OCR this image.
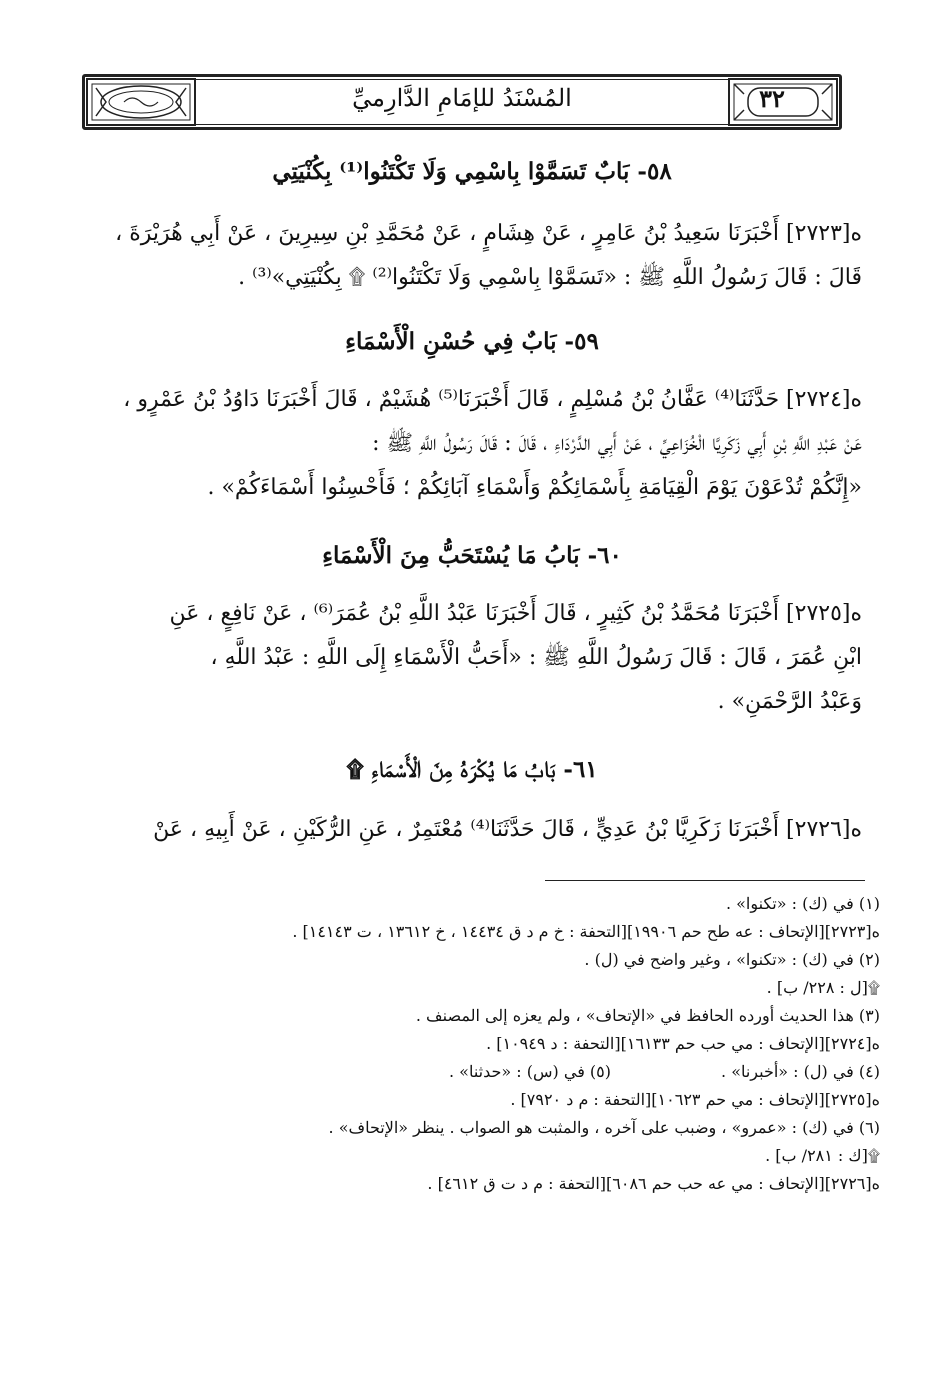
٣٢
المُسْنَدُ للإمَامِ الدَّارِميِّ

٥٨- بَابٌ تَسَمَّوْا بِاسْمِي وَلَا تَكْتَنُوا⁽¹⁾ بِكُنْيَتِي

ه[٢٧٢٣] أَخْبَرَنَا سَعِيدُ بْنُ عَامِرٍ ، عَنْ هِشَامٍ ، عَنْ مُحَمَّدِ بْنِ سِيرِينَ ، عَنْ أَبِي هُرَيْرَةَ ،

قَالَ : قَالَ رَسُولُ اللَّهِ ﷺ : «تَسَمَّوْا بِاسْمِي وَلَا تَكْتَنُوا⁽²⁾ ۩ بِكُنْيَتِي»⁽³⁾ .

٥٩- بَابٌ فِي حُسْنِ الْأَسْمَاءِ

ه[٢٧٢٤] حَدَّثَنَا⁽⁴⁾ عَفَّانُ بْنُ مُسْلِمٍ ، قَالَ أَخْبَرَنَا⁽⁵⁾ هُشَيْمٌ ، قَالَ أَخْبَرَنَا دَاوُدُ بْنُ عَمْرٍو ،

عَنْ عَبْدِ اللَّهِ بْنِ أَبِي زَكَرِيَّا الْخُزَاعِيِّ ، عَنْ أَبِي الدَّرْدَاءِ ، قَالَ : قَالَ رَسُولُ اللَّهِ ﷺ :

«إِنَّكُمْ تُدْعَوْنَ يَوْمَ الْقِيَامَةِ بِأَسْمَائِكُمْ وَأَسْمَاءِ آبَائِكُمْ ؛ فَأَحْسِنُوا أَسْمَاءَكُمْ» .

٦٠- بَابُ مَا يُسْتَحَبُّ مِنَ الْأَسْمَاءِ

ه[٢٧٢٥] أَخْبَرَنَا مُحَمَّدُ بْنُ كَثِيرٍ ، قَالَ أَخْبَرَنَا عَبْدُ اللَّهِ بْنُ عُمَرَ⁽⁶⁾ ، عَنْ نَافِعٍ ، عَنِ

ابْنِ عُمَرَ ، قَالَ : قَالَ رَسُولُ اللَّهِ ﷺ : «أَحَبُّ الْأَسْمَاءِ إِلَى اللَّهِ : عَبْدُ اللَّهِ ،

وَعَبْدُ الرَّحْمَنِ» .

٦١- بَابُ مَا يُكْرَهُ مِنَ الْأَسْمَاءِ ۩

ه[٢٧٢٦] أَخْبَرَنَا زَكَرِيَّا بْنُ عَدِيٍّ ، قَالَ حَدَّثَنَا⁽⁴⁾ مُعْتَمِرٌ ، عَنِ الرُّكَيْنِ ، عَنْ أَبِيهِ ، عَنْ

(١) في (ك) : «تكنوا» .

ه[٢٧٢٣][الإتحاف : عه طح حم ١٩٩٠٦][التحفة : خ م د ق ١٤٤٣٤ ، خ ١٣٦١٢ ، ت ١٤١٤٣] .

(٢) في (ك) : «تكنوا» ، وغير واضح في (ل) .

۩[ل : ٢٢٨/ ب] .

(٣) هذا الحديث أورده الحافظ في «الإتحاف» ، ولم يعزه إلى المصنف .

ه[٢٧٢٤][الإتحاف : مي حب حم ١٦١٣٣][التحفة : د ١٠٩٤٩] .

(٤) في (ل) : «أخبرنا» .
(٥) في (س) : «حدثنا» .

ه[٢٧٢٥][الإتحاف : مي حم ١٠٦٢٣][التحفة : م د ٧٩٢٠] .

(٦) في (ك) : «عمرو» ، وضبب على آخره ، والمثبت هو الصواب . ينظر «الإتحاف» .

۩[ك : ٢٨١/ ب] .

ه[٢٧٢٦][الإتحاف : مي عه حب حم ٦٠٨٦][التحفة : م د ت ق ٤٦١٢] .
